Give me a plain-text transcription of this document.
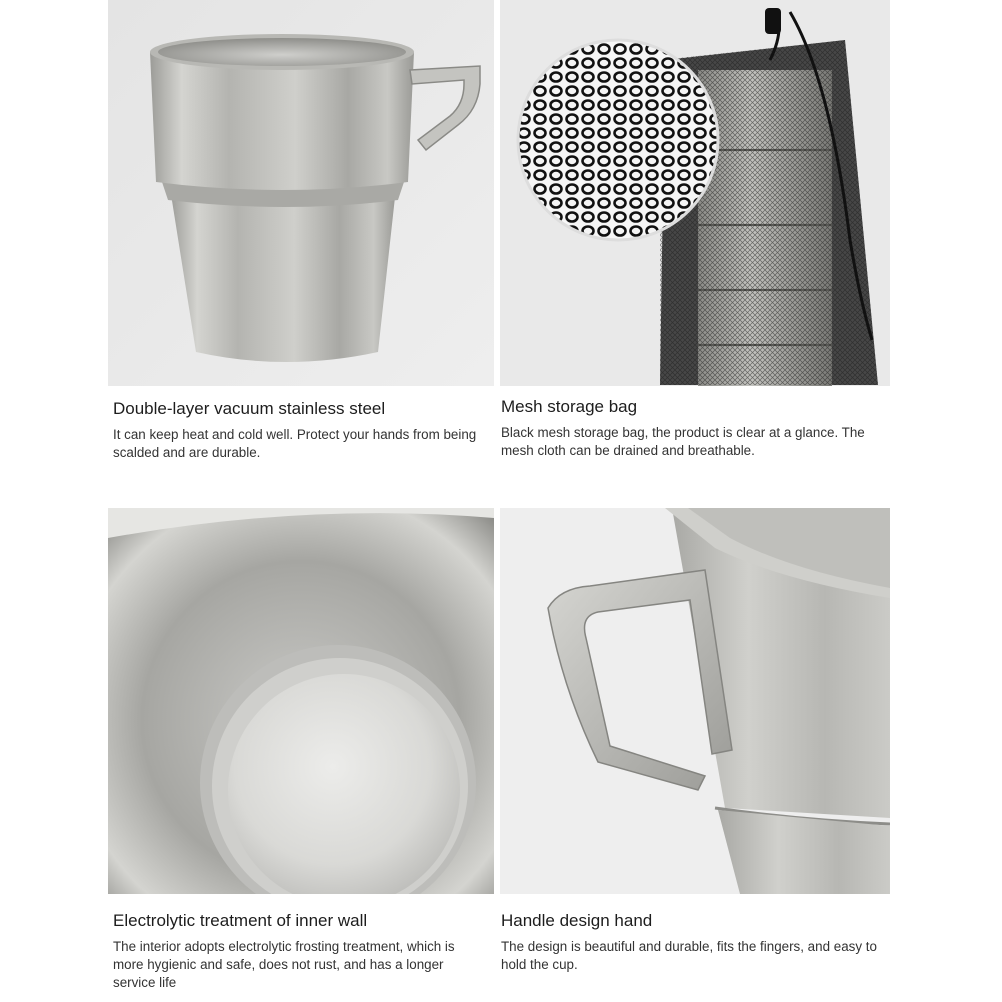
Double-layer vacuum stainless steel

It can keep heat and cold well. Protect your hands from being scalded and are durable.

Mesh storage bag

Black mesh storage bag, the product is clear at a glance. The mesh cloth can be drained and breathable.

Electrolytic treatment of inner wall

The interior adopts electrolytic frosting treatment, which is more hygienic and safe, does not rust, and has a longer service life

Handle design hand

The design is beautiful and durable, fits the fingers, and easy to hold the cup.
